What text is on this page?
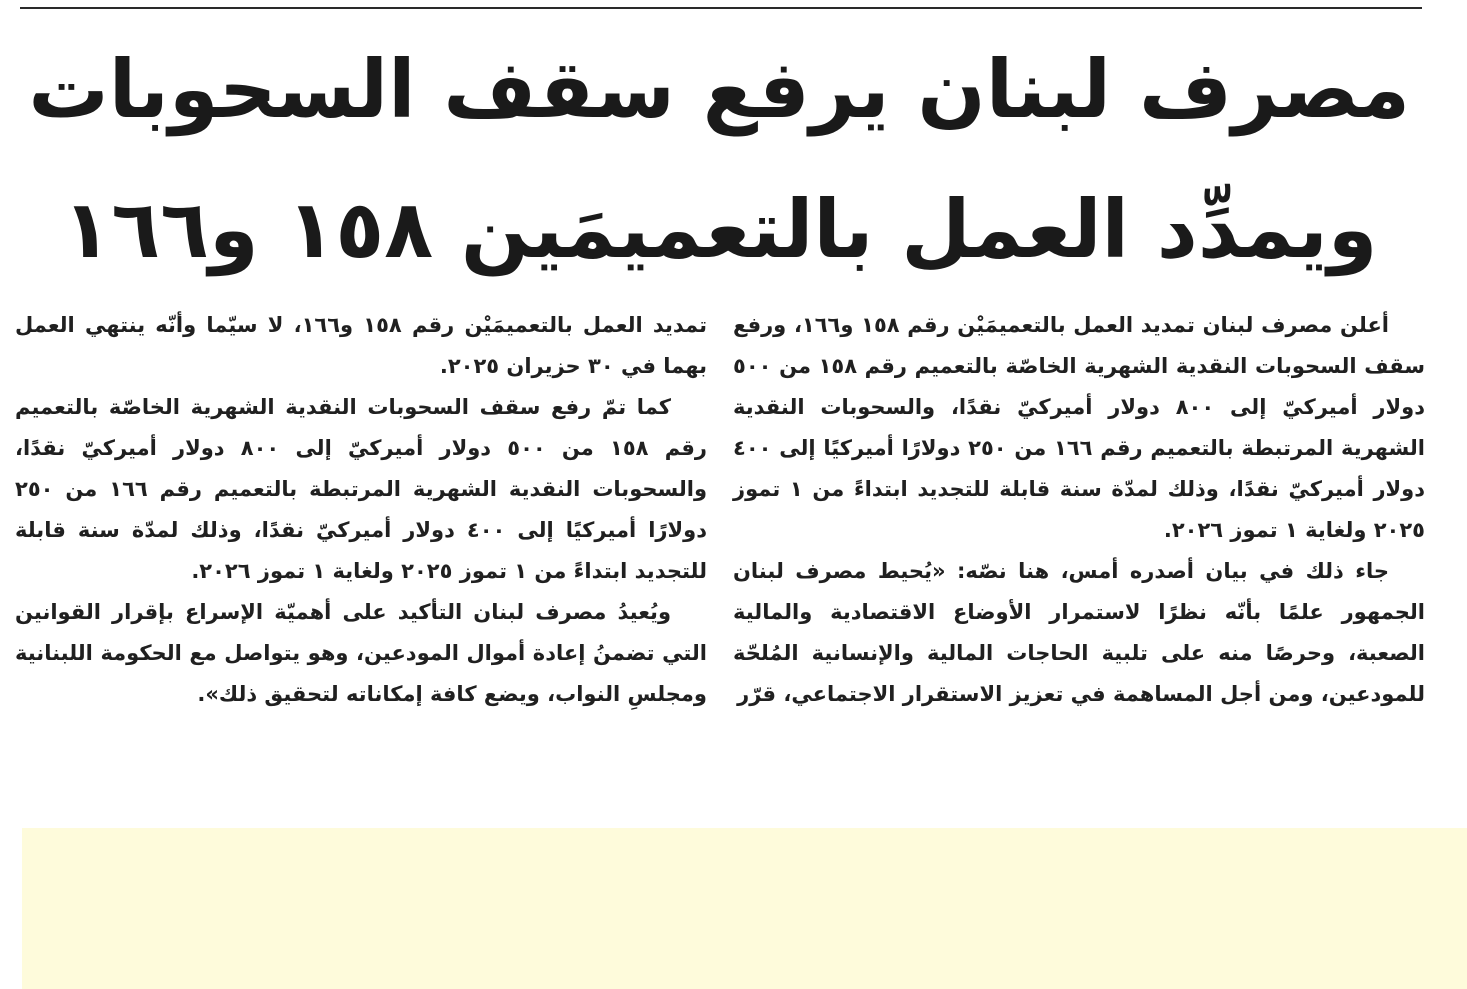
مصرف لبنان يرفع سقف السحوبات
ويمدِّد العمل بالتعميمَين ١٥٨ و١٦٦

أعلن مصرف لبنان تمديد العمل بالتعميمَيْن رقم ١٥٨ و١٦٦، ورفع سقف السحوبات النقدية الشهرية الخاصّة بالتعميم رقم ١٥٨ من ٥٠٠ دولار أميركيّ إلى ٨٠٠ دولار أميركيّ نقدًا، والسحوبات النقدية الشهرية المرتبطة بالتعميم رقم ١٦٦ من ٢٥٠ دولارًا أميركيًا إلى ٤٠٠ دولار أميركيّ نقدًا، وذلك لمدّة سنة قابلة للتجديد ابتداءً من ١ تموز ٢٠٢٥ ولغاية ١ تموز ٢٠٢٦.

جاء ذلك في بيان أصدره أمس، هنا نصّه: «يُحيط مصرف لبنان الجمهور علمًا بأنّه نظرًا لاستمرار الأوضاع الاقتصادية والمالية الصعبة، وحرصًا منه على تلبية الحاجات المالية والإنسانية المُلحّة للمودعين، ومن أجل المساهمة في تعزيز الاستقرار الاجتماعي، قرّر

تمديد العمل بالتعميمَيْن رقم ١٥٨ و١٦٦، لا سيّما وأنّه ينتهي العمل بهما في ٣٠ حزيران ٢٠٢٥.

كما تمّ رفع سقف السحوبات النقدية الشهرية الخاصّة بالتعميم رقم ١٥٨ من ٥٠٠ دولار أميركيّ إلى ٨٠٠ دولار أميركيّ نقدًا، والسحوبات النقدية الشهرية المرتبطة بالتعميم رقم ١٦٦ من ٢٥٠ دولارًا أميركيًا إلى ٤٠٠ دولار أميركيّ نقدًا، وذلك لمدّة سنة قابلة للتجديد ابتداءً من ١ تموز ٢٠٢٥ ولغاية ١ تموز ٢٠٢٦.

ويُعيدُ مصرف لبنان التأكيد على أهميّة الإسراع بإقرار القوانين التي تضمنُ إعادة أموال المودعين، وهو يتواصل مع الحكومة اللبنانية ومجلسِ النواب، ويضع كافة إمكاناته لتحقيق ذلك».
